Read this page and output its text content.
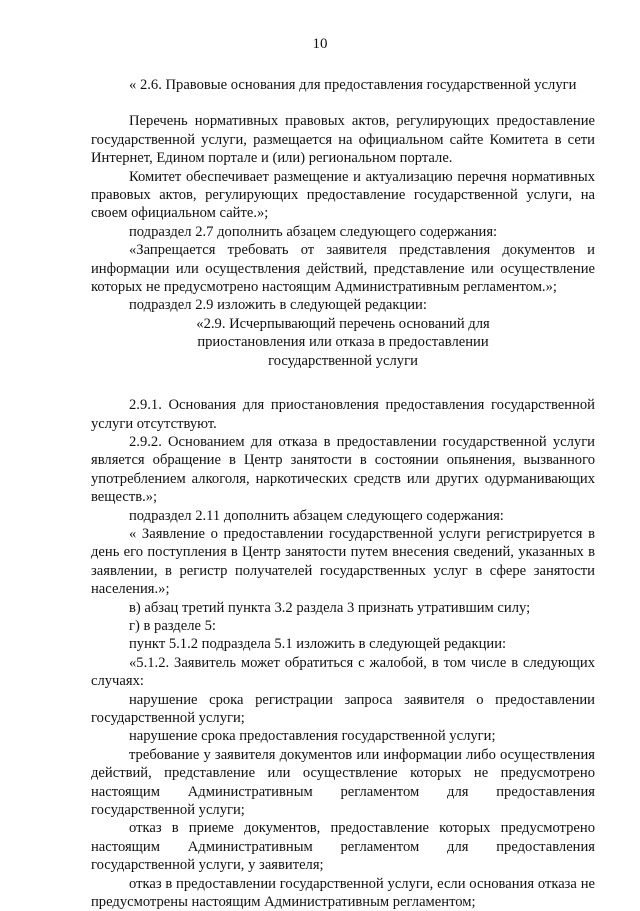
10

« 2.6. Правовые основания для предоставления государственной услуги

Перечень нормативных правовых актов, регулирующих предоставление государственной услуги, размещается на официальном сайте Комитета в сети Интернет, Едином портале и (или) региональном портале.

Комитет обеспечивает размещение и актуализацию перечня нормативных правовых актов, регулирующих предоставление государственной услуги, на своем официальном сайте.»;

подраздел 2.7 дополнить абзацем следующего содержания:

«Запрещается требовать от заявителя представления документов и информации или осуществления действий, представление или осуществление которых не предусмотрено настоящим Административным регламентом.»;

подраздел 2.9 изложить в следующей редакции:

«2.9. Исчерпывающий перечень оснований для приостановления или отказа в предоставлении государственной услуги

2.9.1. Основания для приостановления предоставления государственной услуги отсутствуют.

2.9.2. Основанием для отказа в предоставлении государственной услуги является обращение в Центр занятости в состоянии опьянения, вызванного употреблением алкоголя, наркотических средств или других одурманивающих веществ.»;

подраздел 2.11 дополнить абзацем следующего содержания:

« Заявление о предоставлении государственной услуги регистрируется в день его поступления в Центр занятости путем внесения сведений, указанных в заявлении, в регистр получателей государственных услуг в сфере занятости населения.»;

в) абзац третий пункта 3.2 раздела 3 признать утратившим силу;

г) в разделе 5:

пункт 5.1.2 подраздела 5.1 изложить в следующей редакции:

«5.1.2. Заявитель может обратиться с жалобой, в том числе в следующих случаях:

нарушение срока регистрации запроса заявителя о предоставлении государственной услуги;

нарушение срока предоставления государственной услуги;

требование у заявителя документов или информации либо осуществления действий, представление или осуществление которых не предусмотрено настоящим Административным регламентом для предоставления государственной услуги;

отказ в приеме документов, предоставление которых предусмотрено настоящим Административным регламентом для предоставления государственной услуги, у заявителя;

отказ в предоставлении государственной услуги, если основания отказа не предусмотрены настоящим Административным регламентом;
